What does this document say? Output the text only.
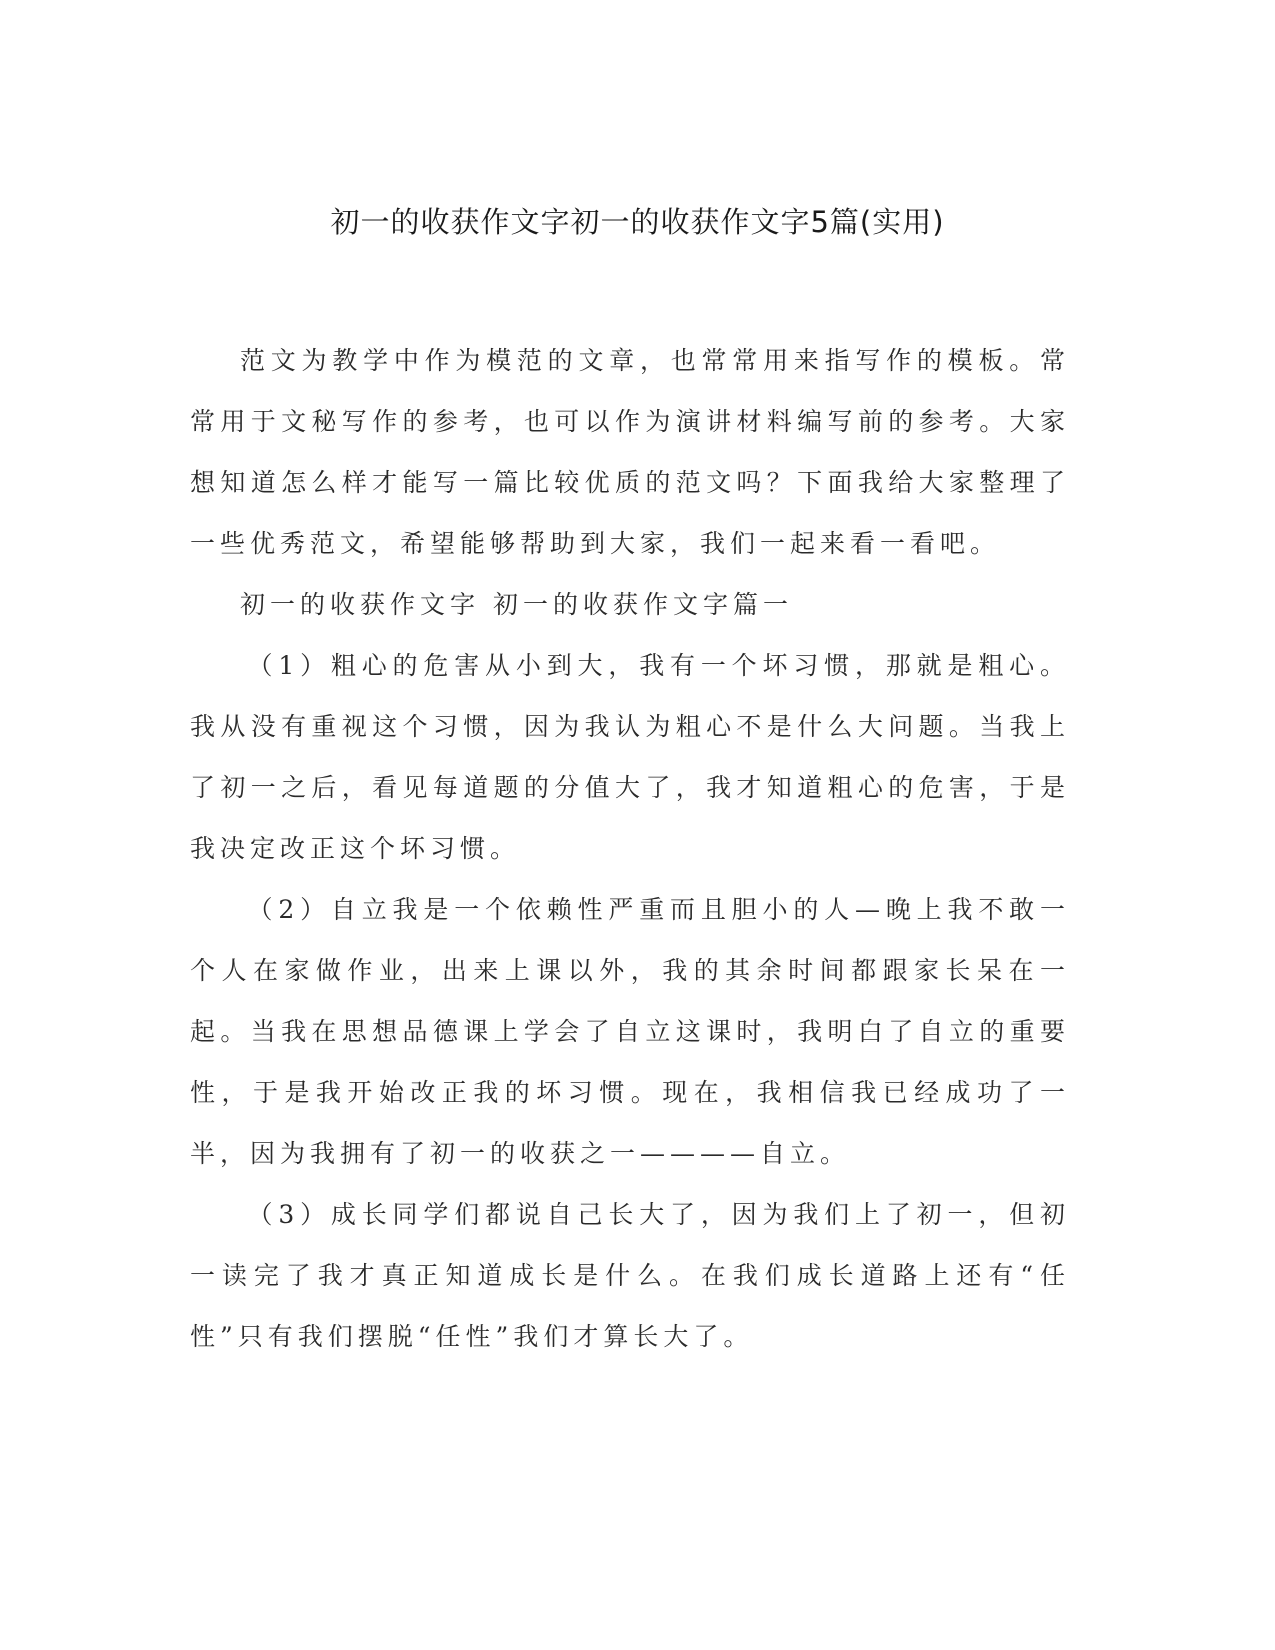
初一的收获作文字初一的收获作文字5篇(实用)

范文为教学中作为模范的文章，也常常用来指写作的模板。常常用于文秘写作的参考，也可以作为演讲材料编写前的参考。大家想知道怎么样才能写一篇比较优质的范文吗？下面我给大家整理了一些优秀范文，希望能够帮助到大家，我们一起来看一看吧。

初一的收获作文字 初一的收获作文字篇一

（1）粗心的危害从小到大，我有一个坏习惯，那就是粗心。我从没有重视这个习惯，因为我认为粗心不是什么大问题。当我上了初一之后，看见每道题的分值大了，我才知道粗心的危害，于是我决定改正这个坏习惯。

（2）自立我是一个依赖性严重而且胆小的人—晚上我不敢一个人在家做作业，出来上课以外，我的其余时间都跟家长呆在一起。当我在思想品德课上学会了自立这课时，我明白了自立的重要性，于是我开始改正我的坏习惯。现在，我相信我已经成功了一半，因为我拥有了初一的收获之一————自立。

（3）成长同学们都说自己长大了，因为我们上了初一，但初一读完了我才真正知道成长是什么。在我们成长道路上还有“任性”只有我们摆脱“任性”我们才算长大了。
